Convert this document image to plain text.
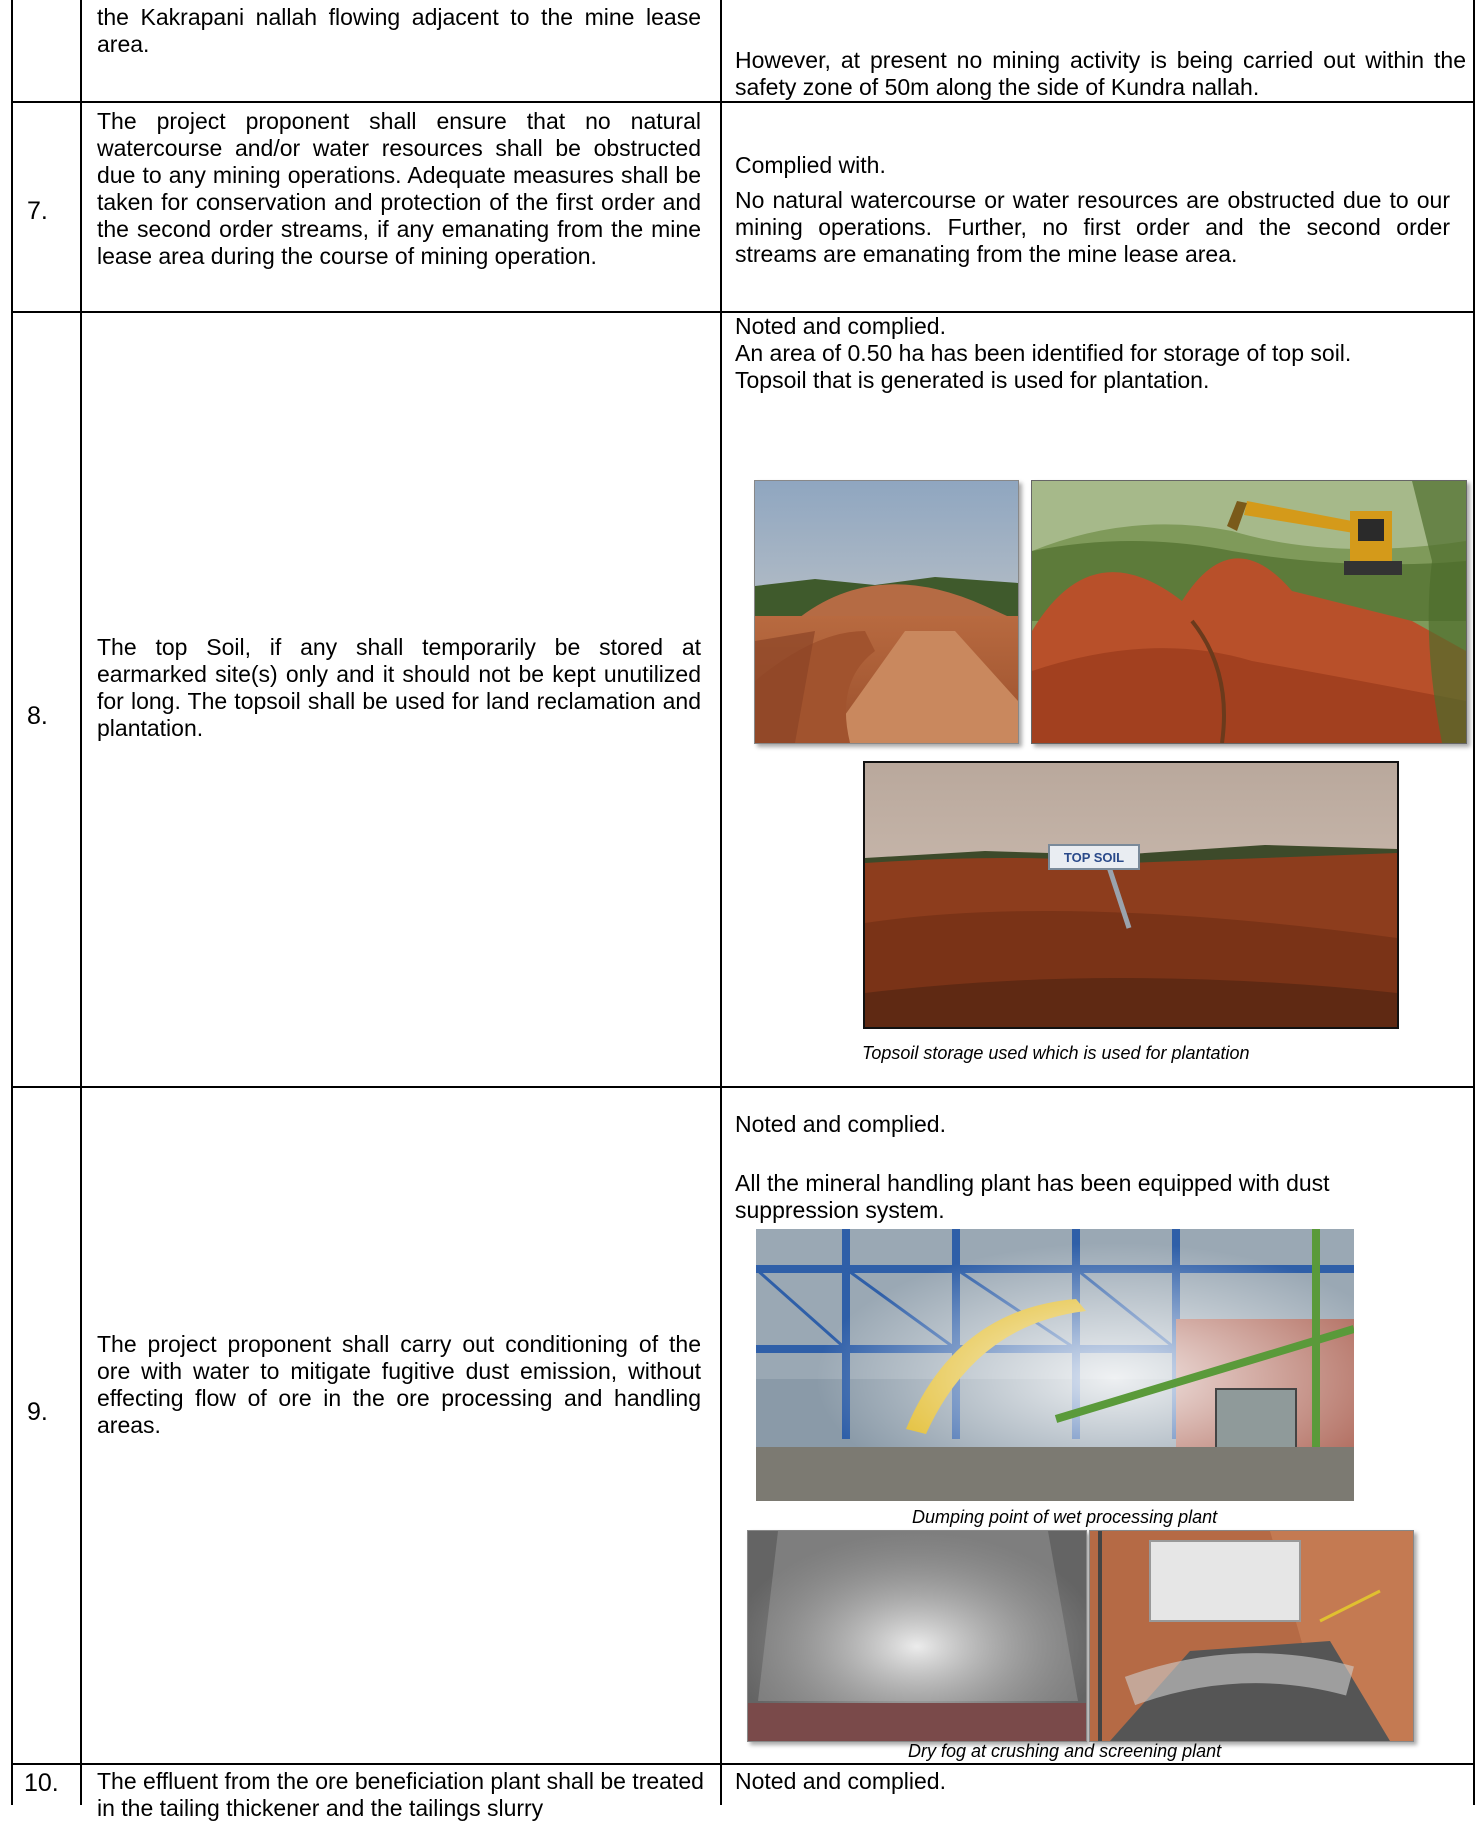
the Kakrapani nallah flowing adjacent to the mine lease area.
However, at present no mining activity is being carried out within the safety zone of 50m along the side of Kundra nallah.
7.
The project proponent shall ensure that no natural watercourse and/or water resources shall be obstructed due to any mining operations. Adequate measures shall be taken for conservation and protection of the first order and the second order streams, if any emanating from the mine lease area during the course of mining operation.
Complied with.
No natural watercourse or water resources are obstructed due to our mining operations. Further, no first order and the second order streams are emanating from the mine lease area.
8.
The top Soil, if any shall temporarily be stored at earmarked site(s) only and it should not be kept unutilized for long. The topsoil shall be used for land reclamation and plantation.
Noted and complied.
An area of 0.50 ha has been identified for storage of top soil.
Topsoil that is generated is used for plantation.
TOP SOIL
Topsoil storage used which is used for plantation
9.
The project proponent shall carry out conditioning of the ore with water to mitigate fugitive dust emission, without effecting flow of ore in the ore processing and handling areas.
Noted and complied.
All the mineral handling plant has been equipped with dust suppression system.
Dumping point of wet processing plant
Dry fog at crushing and screening plant
10. The effluent from the ore beneficiation plant shall be treated in the tailing thickener and the tailings slurry
Noted and complied.
